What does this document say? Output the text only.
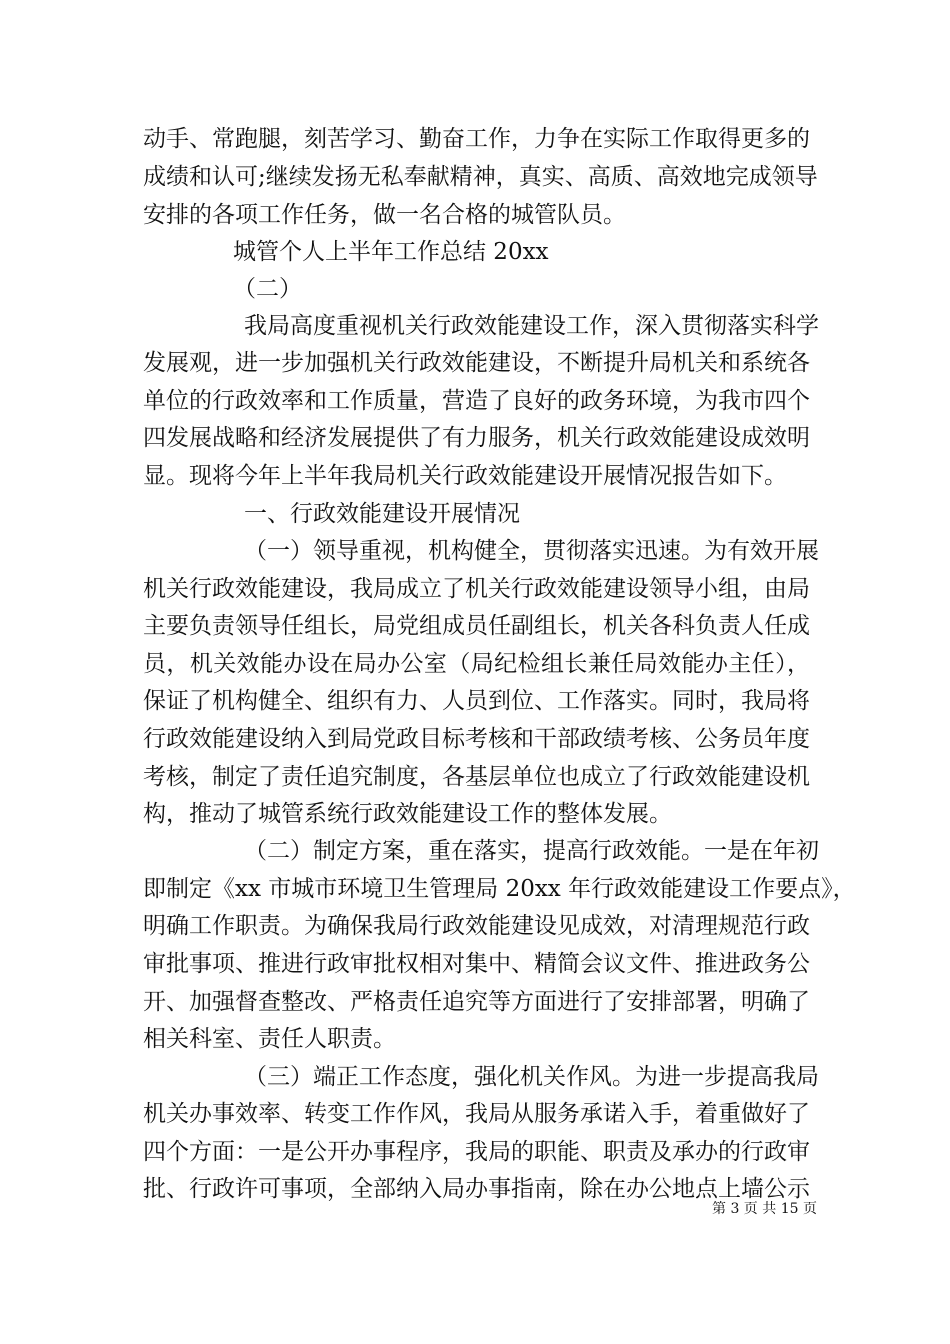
动手、常跑腿，刻苦学习、勤奋工作，力争在实际工作取得更多的
成绩和认可;继续发扬无私奉献精神，真实、高质、高效地完成领导
安排的各项工作任务，做一名合格的城管队员。
城管个人上半年工作总结 20xx
（二）
我局高度重视机关行政效能建设工作，深入贯彻落实科学
发展观，进一步加强机关行政效能建设，不断提升局机关和系统各
单位的行政效率和工作质量，营造了良好的政务环境，为我市四个
四发展战略和经济发展提供了有力服务，机关行政效能建设成效明
显。现将今年上半年我局机关行政效能建设开展情况报告如下。
一、行政效能建设开展情况
（一）领导重视，机构健全，贯彻落实迅速。为有效开展
机关行政效能建设，我局成立了机关行政效能建设领导小组，由局
主要负责领导任组长，局党组成员任副组长，机关各科负责人任成
员，机关效能办设在局办公室（局纪检组长兼任局效能办主任），
保证了机构健全、组织有力、人员到位、工作落实。同时，我局将
行政效能建设纳入到局党政目标考核和干部政绩考核、公务员年度
考核，制定了责任追究制度，各基层单位也成立了行政效能建设机
构，推动了城管系统行政效能建设工作的整体发展。
（二）制定方案，重在落实，提高行政效能。一是在年初
即制定《xx 市城市环境卫生管理局 20xx 年行政效能建设工作要点》，
明确工作职责。为确保我局行政效能建设见成效，对清理规范行政
审批事项、推进行政审批权相对集中、精简会议文件、推进政务公
开、加强督查整改、严格责任追究等方面进行了安排部署，明确了
相关科室、责任人职责。
（三）端正工作态度，强化机关作风。为进一步提高我局
机关办事效率、转变工作作风，我局从服务承诺入手，着重做好了
四个方面：一是公开办事程序，我局的职能、职责及承办的行政审
批、行政许可事项，全部纳入局办事指南，除在办公地点上墙公示
第 3 页 共 15 页
